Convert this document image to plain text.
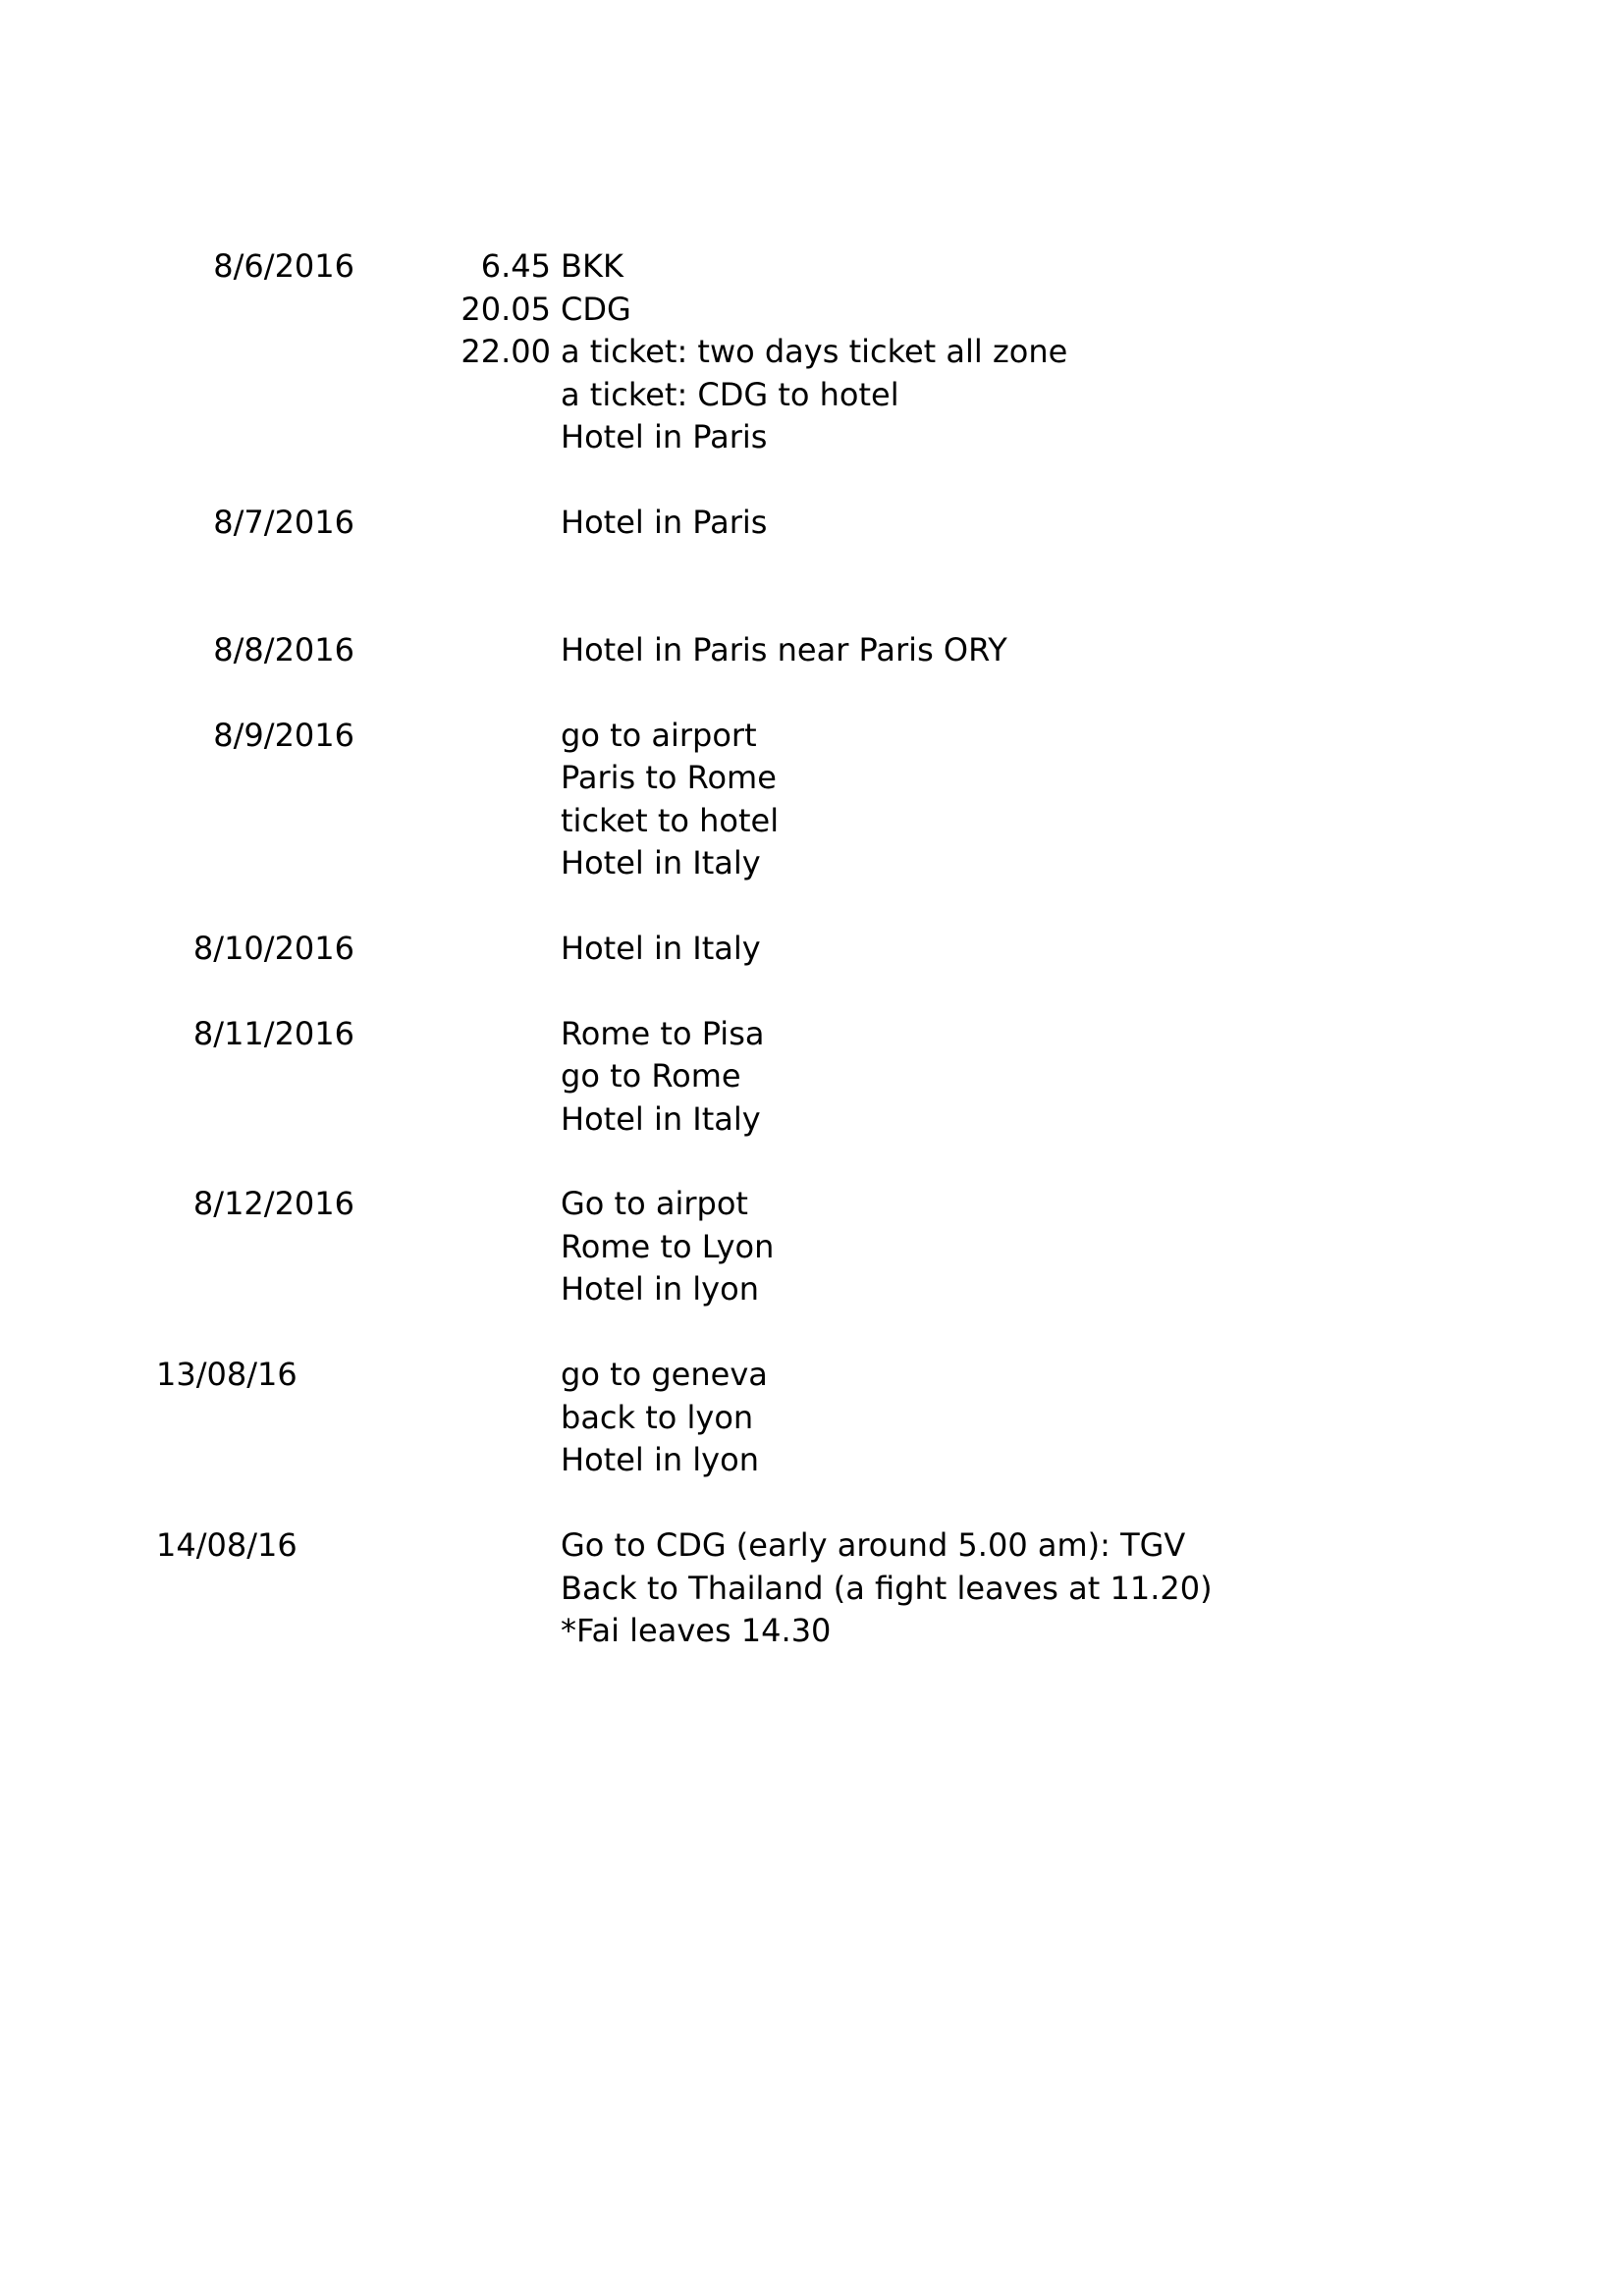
8/6/2016	6.45 BKK
20.05 CDG
22.00 a ticket: two days ticket all zone
a ticket: CDG to hotel
Hotel in Paris
8/7/2016	Hotel in Paris
8/8/2016	Hotel in Paris near Paris ORY
8/9/2016	go to airport
Paris to Rome
ticket to hotel
Hotel in Italy
8/10/2016	Hotel in Italy
8/11/2016	Rome to Pisa
go to Rome
Hotel in Italy
8/12/2016	Go to airpot
Rome to Lyon
Hotel in lyon
13/08/16	go to geneva
back to lyon
Hotel in lyon
14/08/16	Go to CDG (early around 5.00 am): TGV
Back to Thailand (a fight leaves at 11.20)
*Fai leaves 14.30
